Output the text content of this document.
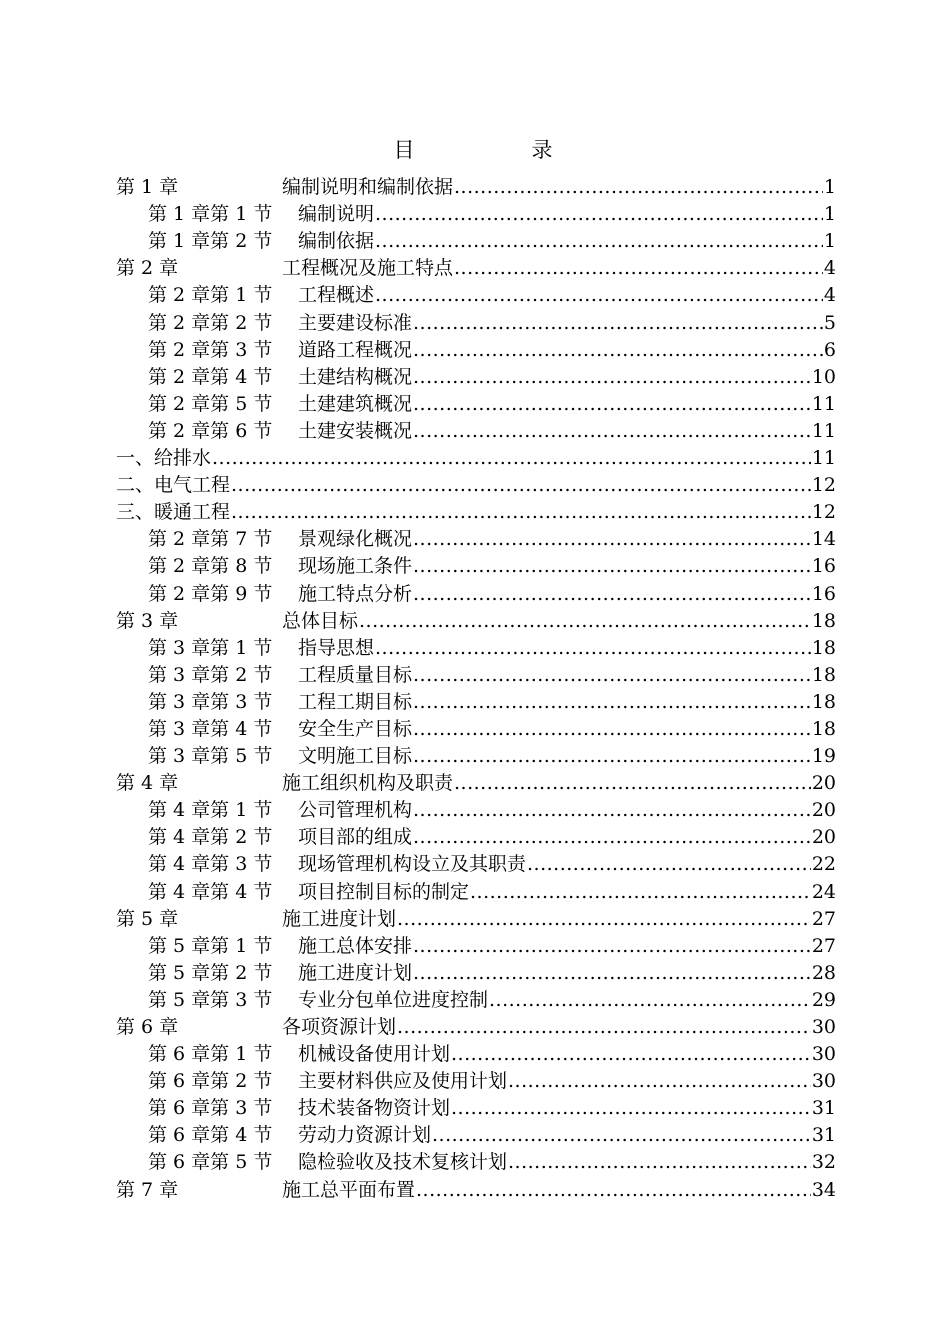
目　录
第 1 章	编制说明和编制依据 .....	1
第 1 章第 1 节	编制说明 .....	1
第 1 章第 2 节	编制依据 .....	1
第 2 章	工程概况及施工特点 .....	4
第 2 章第 1 节	工程概述 .....	4
第 2 章第 2 节	主要建设标准 .....	5
第 2 章第 3 节	道路工程概况 .....	6
第 2 章第 4 节	土建结构概况 .....	10
第 2 章第 5 节	土建建筑概况 .....	11
第 2 章第 6 节	土建安装概况 .....	11
一、给排水 .....	11
二、电气工程 .....	12
三、暖通工程 .....	12
第 2 章第 7 节	景观绿化概况 .....	14
第 2 章第 8 节	现场施工条件 .....	16
第 2 章第 9 节	施工特点分析 .....	16
第 3 章	总体目标 .....	18
第 3 章第 1 节	指导思想 .....	18
第 3 章第 2 节	工程质量目标 .....	18
第 3 章第 3 节	工程工期目标 .....	18
第 3 章第 4 节	安全生产目标 .....	18
第 3 章第 5 节	文明施工目标 .....	19
第 4 章	施工组织机构及职责 .....	20
第 4 章第 1 节	公司管理机构 .....	20
第 4 章第 2 节	项目部的组成 .....	20
第 4 章第 3 节	现场管理机构设立及其职责 .....	22
第 4 章第 4 节	项目控制目标的制定 .....	24
第 5 章	施工进度计划 .....	27
第 5 章第 1 节	施工总体安排 .....	27
第 5 章第 2 节	施工进度计划 .....	28
第 5 章第 3 节	专业分包单位进度控制 .....	29
第 6 章	各项资源计划 .....	30
第 6 章第 1 节	机械设备使用计划 .....	30
第 6 章第 2 节	主要材料供应及使用计划 .....	30
第 6 章第 3 节	技术装备物资计划 .....	31
第 6 章第 4 节	劳动力资源计划 .....	31
第 6 章第 5 节	隐检验收及技术复核计划 .....	32
第 7 章	施工总平面布置 .....	34
